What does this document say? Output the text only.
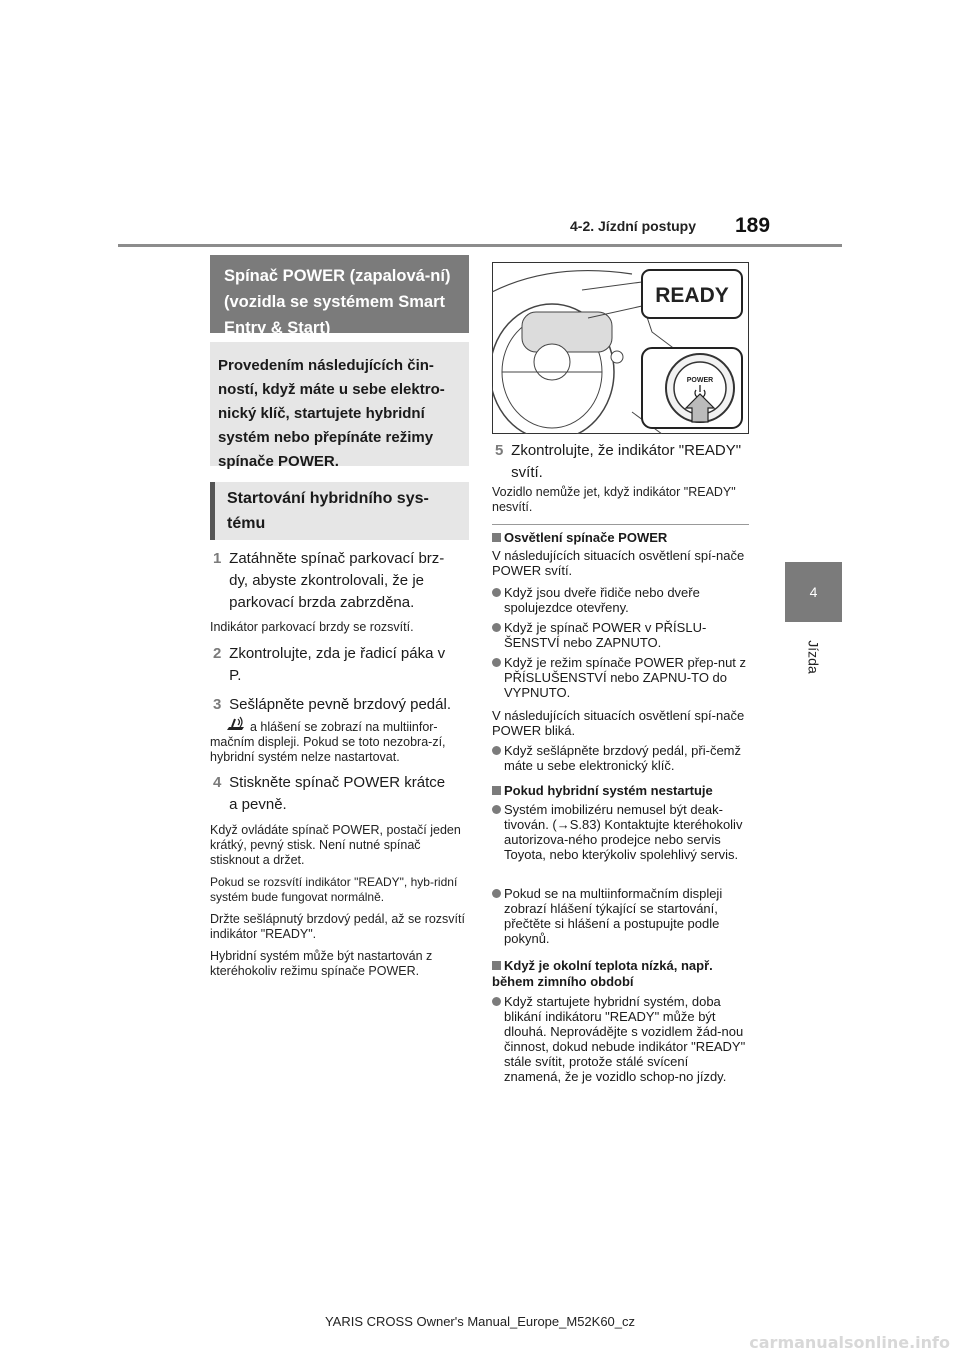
4-2. Jízdní postupy 189
4
Jízda
Spínač POWER (zapalová-ní) (vozidla se systémem Smart Entry & Start)
Provedením následujících čin-ností, když máte u sebe elektro-nický klíč, startujete hybridní systém nebo přepínáte režimy spínače POWER.
Startování hybridního sys-tému
1 Zatáhněte spínač parkovací brz-dy, abyste zkontrolovali, že je parkovací brzda zabrzděna.
Indikátor parkovací brzdy se rozsvítí.
2 Zkontrolujte, zda je řadicí páka v P.
3 Sešlápněte pevně brzdový pedál.
a hlášení se zobrazí na multiinfor-mačním displeji. Pokud se toto nezobra-zí, hybridní systém nelze nastartovat.
4 Stiskněte spínač POWER krátce a pevně.
Když ovládáte spínač POWER, postačí jeden krátký, pevný stisk. Není nutné spínač stisknout a držet.
Pokud se rozsvítí indikátor "READY", hyb-ridní systém bude fungovat normálně.
Držte sešlápnutý brzdový pedál, až se rozsvítí indikátor "READY".
Hybridní systém může být nastartován z kteréhokoliv režimu spínače POWER.
READY
POWER
5 Zkontrolujte, že indikátor "READY" svítí.
Vozidlo nemůže jet, když indikátor "READY" nesvítí.
Osvětlení spínače POWER
V následujících situacích osvětlení spí-nače POWER svítí.
Když jsou dveře řidiče nebo dveře spolujezdce otevřeny.
Když je spínač POWER v PŘÍSLU-ŠENSTVÍ nebo ZAPNUTO.
Když je režim spínače POWER přep-nut z PŘÍSLUŠENSTVÍ nebo ZAPNU-TO do VYPNUTO.
V následujících situacích osvětlení spí-nače POWER bliká.
Když sešlápněte brzdový pedál, při-čemž máte u sebe elektronický klíč.
Pokud hybridní systém nestartuje
Systém imobilizéru nemusel být deak-tivován. (→S.83) Kontaktujte kteréhokoliv autorizova-ného prodejce nebo servis Toyota, nebo kterýkoliv spolehlivý servis.
Pokud se na multiinformačním displeji zobrazí hlášení týkající se startování, přečtěte si hlášení a postupujte podle pokynů.
Když je okolní teplota nízká, např. během zimního období
Když startujete hybridní systém, doba blikání indikátoru "READY" může být dlouhá. Neprovádějte s vozidlem žád-nou činnost, dokud nebude indikátor "READY" stále svítit, protože stálé svícení znamená, že je vozidlo schop-no jízdy.
YARIS CROSS Owner's Manual_Europe_M52K60_cz
carmanualsonline.info
